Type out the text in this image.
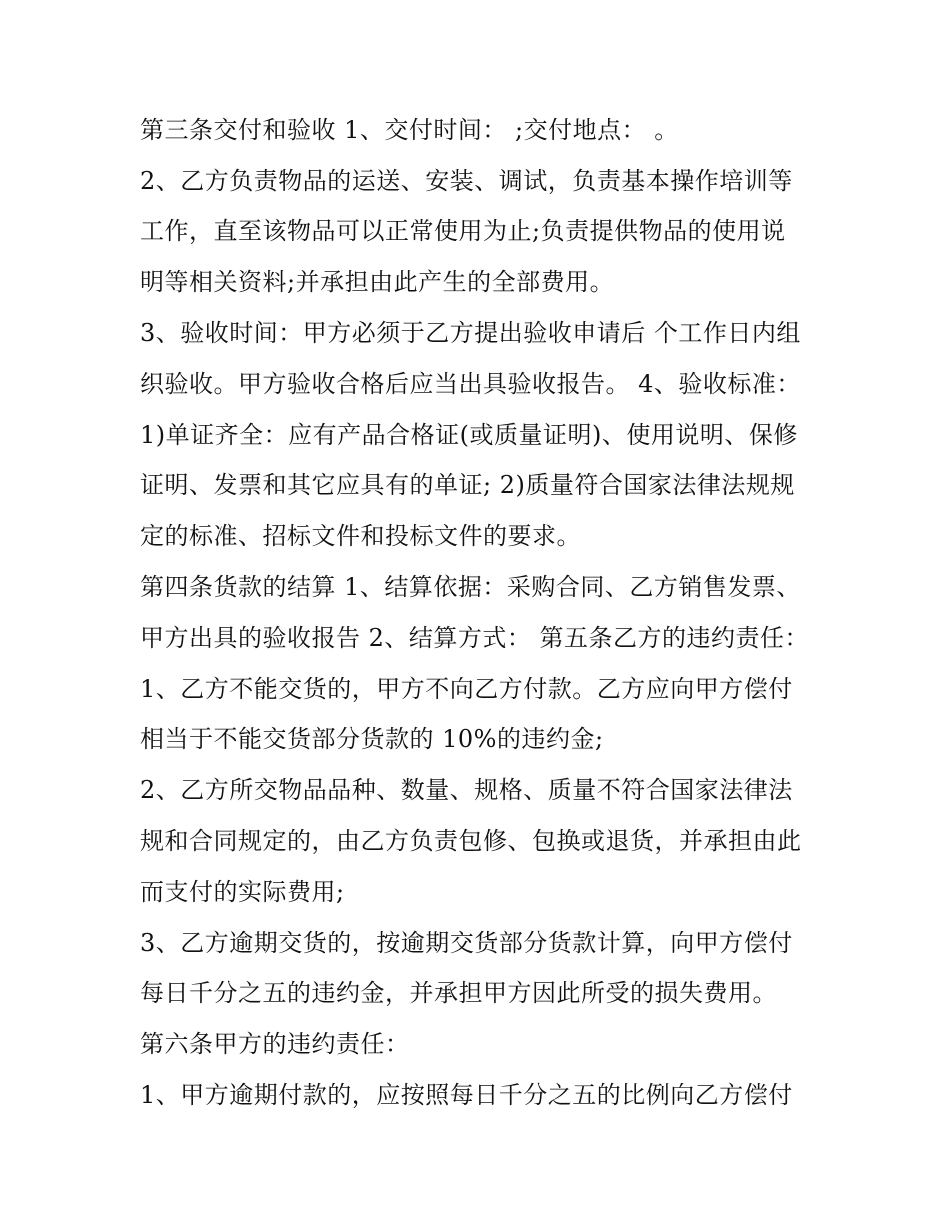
第三条交付和验收 1、交付时间： ;交付地点： 。
2、乙方负责物品的运送、安装、调试，负责基本操作培训等
工作，直至该物品可以正常使用为止;负责提供物品的使用说
明等相关资料;并承担由此产生的全部费用。
3、验收时间：甲方必须于乙方提出验收申请后 个工作日内组
织验收。甲方验收合格后应当出具验收报告。 4、验收标准：
1)单证齐全：应有产品合格证(或质量证明)、使用说明、保修
证明、发票和其它应具有的单证; 2)质量符合国家法律法规规
定的标准、招标文件和投标文件的要求。
第四条货款的结算 1、结算依据：采购合同、乙方销售发票、
甲方出具的验收报告 2、结算方式： 第五条乙方的违约责任：
1、乙方不能交货的，甲方不向乙方付款。乙方应向甲方偿付
相当于不能交货部分货款的 10%的违约金;
2、乙方所交物品品种、数量、规格、质量不符合国家法律法
规和合同规定的，由乙方负责包修、包换或退货，并承担由此
而支付的实际费用;
3、乙方逾期交货的，按逾期交货部分货款计算，向甲方偿付
每日千分之五的违约金，并承担甲方因此所受的损失费用。
第六条甲方的违约责任：
1、甲方逾期付款的，应按照每日千分之五的比例向乙方偿付
